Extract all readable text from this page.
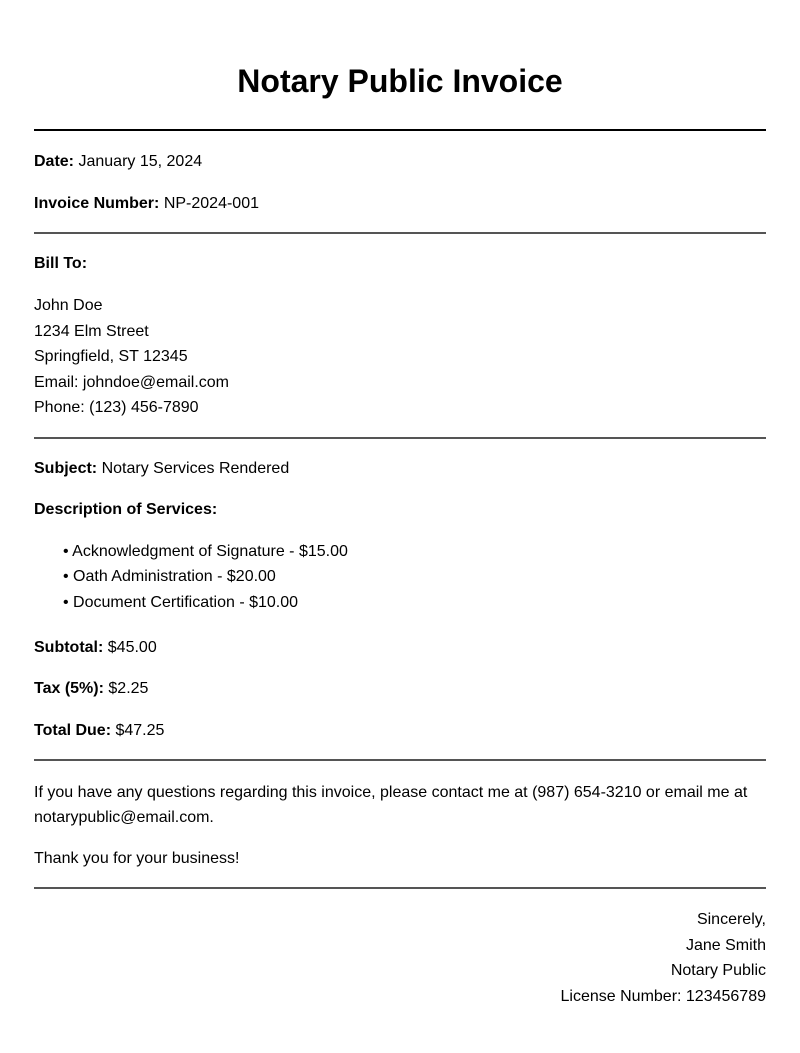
Notary Public Invoice

Date: January 15, 2024

Invoice Number: NP-2024-001

Bill To:

John Doe

1234 Elm Street

Springfield, ST 12345

Email: johndoe@email.com

Phone: (123) 456-7890

Subject: Notary Services Rendered

Description of Services:

• Acknowledgment of Signature - $15.00
• Oath Administration - $20.00
• Document Certification - $10.00

Subtotal: $45.00

Tax (5%): $2.25

Total Due: $47.25

If you have any questions regarding this invoice, please contact me at (987) 654-3210 or email me at notarypublic@email.com.

Thank you for your business!

Sincerely,

Jane Smith

Notary Public

License Number: 123456789
